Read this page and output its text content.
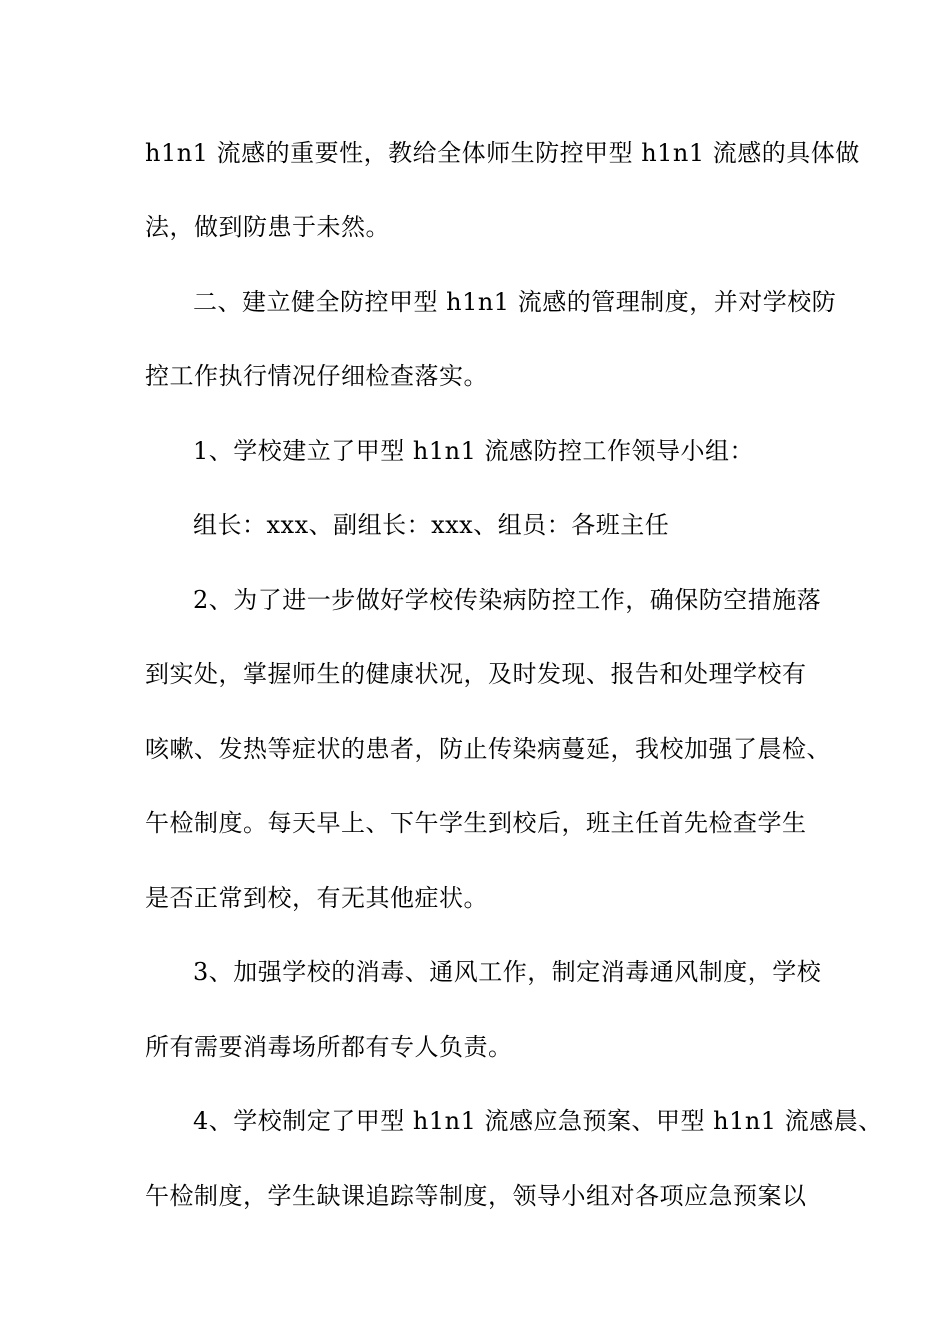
h1n1 流感的重要性，教给全体师生防控甲型 h1n1 流感的具体做
法，做到防患于未然。
二、建立健全防控甲型 h1n1 流感的管理制度，并对学校防
控工作执行情况仔细检查落实。
1、学校建立了甲型 h1n1 流感防控工作领导小组：
组长：xxx、副组长：xxx、组员：各班主任
2、为了进一步做好学校传染病防控工作，确保防空措施落
到实处，掌握师生的健康状况，及时发现、报告和处理学校有
咳嗽、发热等症状的患者，防止传染病蔓延，我校加强了晨检、
午检制度。每天早上、下午学生到校后，班主任首先检查学生
是否正常到校，有无其他症状。
3、加强学校的消毒、通风工作，制定消毒通风制度，学校
所有需要消毒场所都有专人负责。
4、学校制定了甲型 h1n1 流感应急预案、甲型 h1n1 流感晨、
午检制度，学生缺课追踪等制度，领导小组对各项应急预案以
